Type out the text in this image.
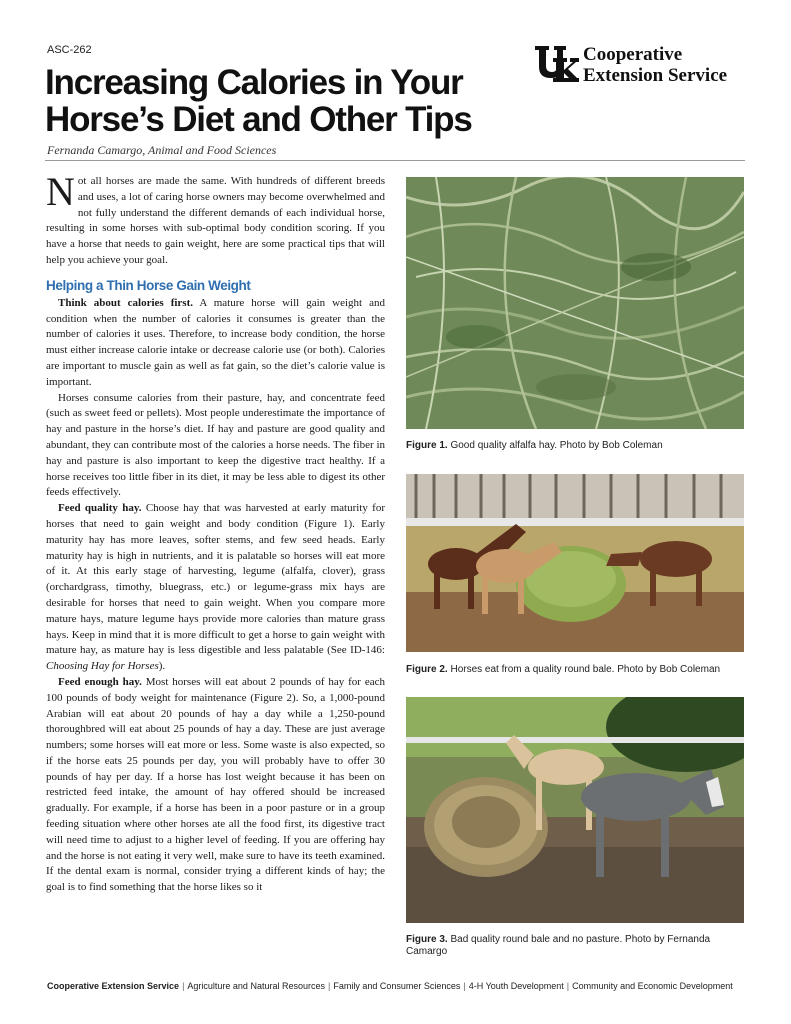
ASC-262	Cooperative
Extension Service
Increasing Calories in Your Horse’s Diet and Other Tips
Fernanda Camargo, Animal and Food Sciences

Not all horses are made the same. With hundreds of different breeds and uses, a lot of caring horse owners may become overwhelmed and not fully understand the different demands of each individual horse, resulting in some horses with sub-optimal body condition scoring. If you have a horse that needs to gain weight, here are some practical tips that will help you achieve your goal.

Helping a Thin Horse Gain Weight

Think about calories first. A mature horse will gain weight and condition when the number of calories it consumes is greater than the number of calories it uses. Therefore, to increase body condition, the horse must either increase calorie intake or decrease calorie use (or both). Calories are important to muscle gain as well as fat gain, so the diet’s calorie value is important.

Horses consume calories from their pasture, hay, and concentrate feed (such as sweet feed or pellets). Most people underestimate the importance of hay and pasture in the horse’s diet. If hay and pasture are good quality and abundant, they can contribute most of the calories a horse needs. The fiber in hay and pasture is also important to keep the digestive tract healthy. If a horse receives too little fiber in its diet, it may be less able to digest its other feeds effectively.

Feed quality hay. Choose hay that was harvested at early maturity for horses that need to gain weight and body condition (Figure 1). Early maturity hay has more leaves, softer stems, and few seed heads. Early maturity hay is high in nutrients, and it is palatable so horses will eat more of it. At this early stage of harvesting, legume (alfalfa, clover), grass (orchardgrass, timothy, bluegrass, etc.) or legume-grass mix hays are desirable for horses that need to gain weight. When you compare more mature hays, mature legume hays provide more calories than mature grass hays. Keep in mind that it is more difficult to get a horse to gain weight with mature hay, as mature hay is less digestible and less palatable (See ID-146: Choosing Hay for Horses).

Feed enough hay. Most horses will eat about 2 pounds of hay for each 100 pounds of body weight for maintenance (Figure 2). So, a 1,000-pound Arabian will eat about 20 pounds of hay a day while a 1,250-pound thoroughbred will eat about 25 pounds of hay a day. These are just average numbers; some horses will eat more or less. Some waste is also expected, so if the horse eats 25 pounds per day, you will probably have to offer 30 pounds of hay per day. If a horse has lost weight because it has been on restricted feed intake, the amount of hay offered should be increased gradually. For example, if a horse has been in a poor pasture or in a group feeding situation where other horses ate all the food first, its digestive tract will need time to adjust to a higher level of feeding. If you are offering hay and the horse is not eating it very well, make sure to have its teeth examined. If the dental exam is normal, consider trying a different kinds of hay; the goal is to find something that the horse likes so it

Figure 1. Good quality alfalfa hay. Photo by Bob Coleman
Figure 2. Horses eat from a quality round bale. Photo by Bob Coleman
Figure 3. Bad quality round bale and no pasture. Photo by Fernanda Camargo
Cooperative Extension Service | Agriculture and Natural Resources | Family and Consumer Sciences | 4-H Youth Development | Community and Economic Development
